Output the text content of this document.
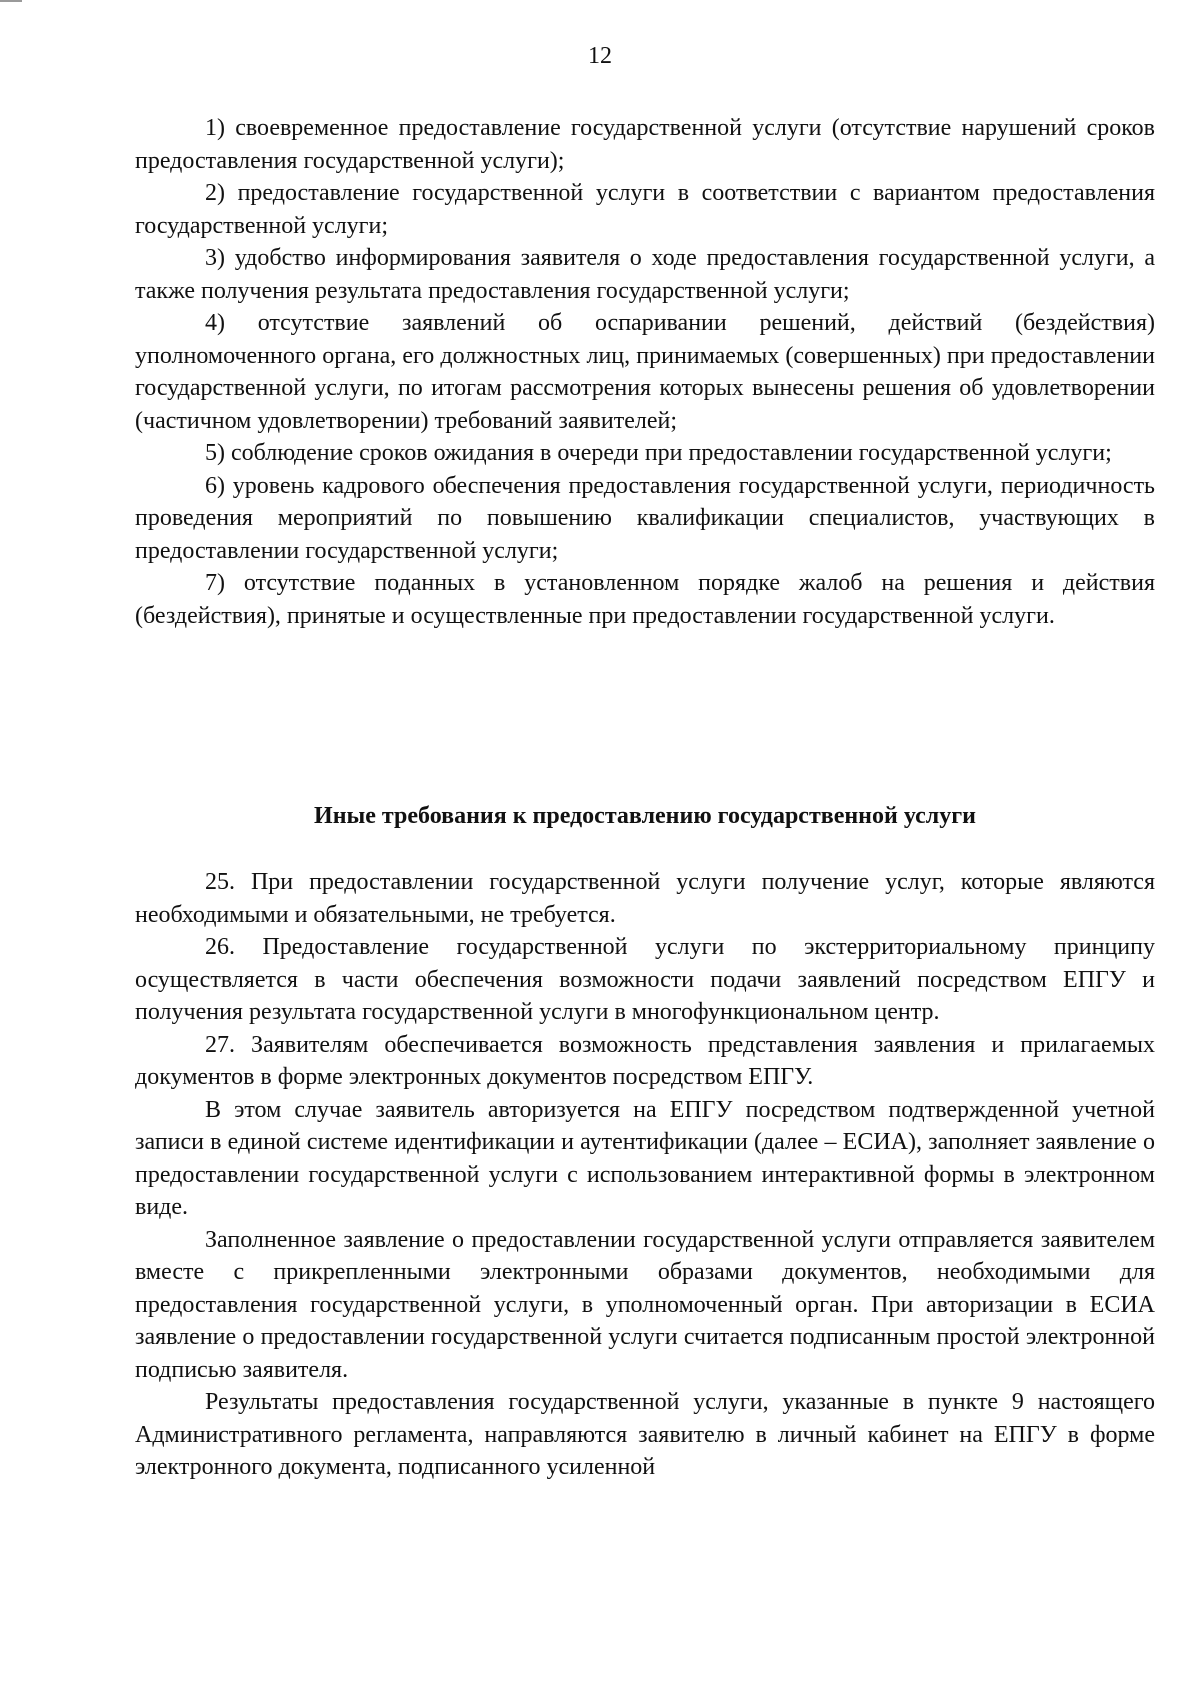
12

1) своевременное предоставление государственной услуги (отсутствие нарушений сроков предоставления государственной услуги);

2) предоставление государственной услуги в соответствии с вариантом предоставления государственной услуги;

3) удобство информирования заявителя о ходе предоставления государственной услуги, а также получения результата предоставления государственной услуги;

4) отсутствие заявлений об оспаривании решений, действий (бездействия) уполномоченного органа, его должностных лиц, принимаемых (совершенных) при предоставлении государственной услуги, по итогам рассмотрения которых вынесены решения об удовлетворении (частичном удовлетворении) требований заявителей;

5) соблюдение сроков ожидания в очереди при предоставлении государственной услуги;

6) уровень кадрового обеспечения предоставления государственной услуги, периодичность проведения мероприятий по повышению квалификации специалистов, участвующих в предоставлении государственной услуги;

7) отсутствие поданных в установленном порядке жалоб на решения и действия (бездействия), принятые и осуществленные при предоставлении государственной услуги.

Иные требования к предоставлению государственной услуги

25. При предоставлении государственной услуги получение услуг, которые являются необходимыми и обязательными, не требуется.

26. Предоставление государственной услуги по экстерриториальному принципу осуществляется в части обеспечения возможности подачи заявлений посредством ЕПГУ и получения результата государственной услуги в многофункциональном центр.

27. Заявителям обеспечивается возможность представления заявления и прилагаемых документов в форме электронных документов посредством ЕПГУ.

В этом случае заявитель авторизуется на ЕПГУ посредством подтвержденной учетной записи в единой системе идентификации и аутентификации (далее – ЕСИА), заполняет заявление о предоставлении государственной услуги с использованием интерактивной формы в электронном виде.

Заполненное заявление о предоставлении государственной услуги отправляется заявителем вместе с прикрепленными электронными образами документов, необходимыми для предоставления государственной услуги, в уполномоченный орган. При авторизации в ЕСИА заявление о предоставлении государственной услуги считается подписанным простой электронной подписью заявителя.

Результаты предоставления государственной услуги, указанные в пункте 9 настоящего Административного регламента, направляются заявителю в личный кабинет на ЕПГУ в форме электронного документа, подписанного усиленной
